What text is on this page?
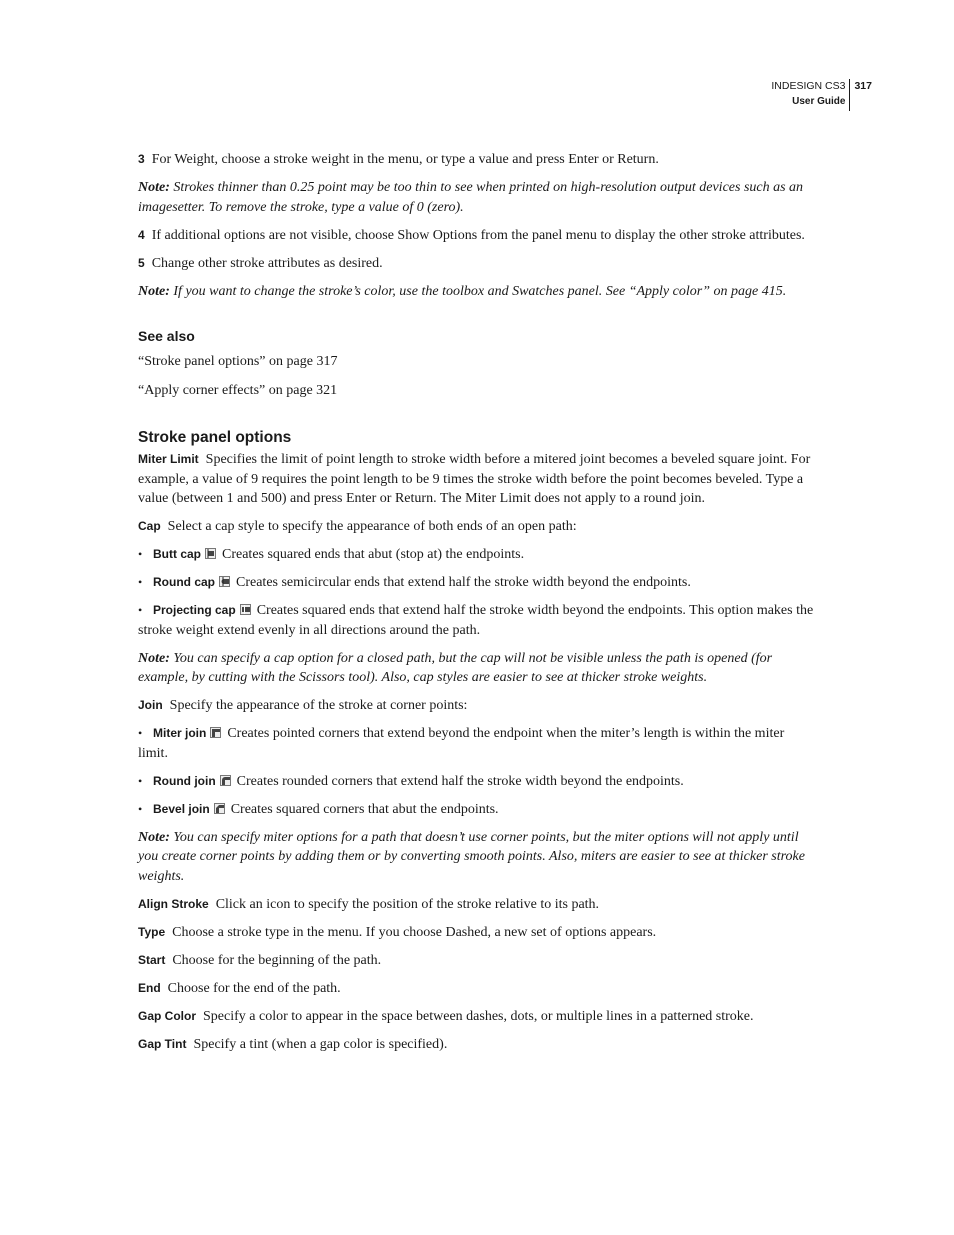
INDESIGN CS3
User Guide
317

3 For Weight, choose a stroke weight in the menu, or type a value and press Enter or Return.

Note: Strokes thinner than 0.25 point may be too thin to see when printed on high-resolution output devices such as an imagesetter. To remove the stroke, type a value of 0 (zero).

4 If additional options are not visible, choose Show Options from the panel menu to display the other stroke attributes.

5 Change other stroke attributes as desired.

Note: If you want to change the stroke’s color, use the toolbox and Swatches panel. See “Apply color” on page 415.

See also

“Stroke panel options” on page 317

“Apply corner effects” on page 321

Stroke panel options

Miter Limit Specifies the limit of point length to stroke width before a mitered joint becomes a beveled square joint. For example, a value of 9 requires the point length to be 9 times the stroke width before the point becomes beveled. Type a value (between 1 and 500) and press Enter or Return. The Miter Limit does not apply to a round join.

Cap Select a cap style to specify the appearance of both ends of an open path:

• Butt cap Creates squared ends that abut (stop at) the endpoints.

• Round cap Creates semicircular ends that extend half the stroke width beyond the endpoints.

• Projecting cap Creates squared ends that extend half the stroke width beyond the endpoints. This option makes the stroke weight extend evenly in all directions around the path.

Note: You can specify a cap option for a closed path, but the cap will not be visible unless the path is opened (for example, by cutting with the Scissors tool). Also, cap styles are easier to see at thicker stroke weights.

Join Specify the appearance of the stroke at corner points:

• Miter join Creates pointed corners that extend beyond the endpoint when the miter’s length is within the miter limit.

• Round join Creates rounded corners that extend half the stroke width beyond the endpoints.

• Bevel join Creates squared corners that abut the endpoints.

Note: You can specify miter options for a path that doesn’t use corner points, but the miter options will not apply until you create corner points by adding them or by converting smooth points. Also, miters are easier to see at thicker stroke weights.

Align Stroke Click an icon to specify the position of the stroke relative to its path.

Type Choose a stroke type in the menu. If you choose Dashed, a new set of options appears.

Start Choose for the beginning of the path.

End Choose for the end of the path.

Gap Color Specify a color to appear in the space between dashes, dots, or multiple lines in a patterned stroke.

Gap Tint Specify a tint (when a gap color is specified).
